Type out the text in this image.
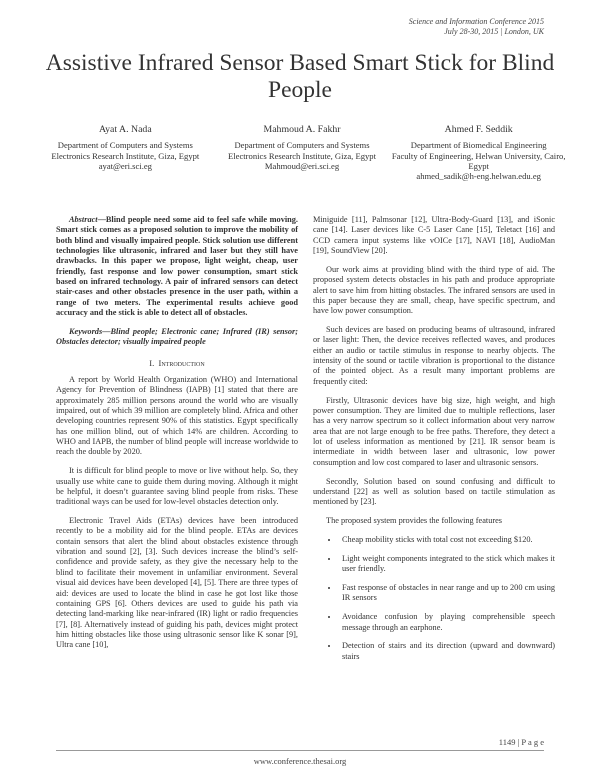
Science and Information Conference 2015
July 28-30, 2015 | London, UK
Assistive Infrared Sensor Based Smart Stick for Blind People
Ayat A. Nada
Department of Computers and Systems
Electronics Research Institute, Giza, Egypt
ayat@eri.sci.eg
Mahmoud A. Fakhr
Department of Computers and Systems
Electronics Research Institute, Giza, Egypt
Mahmoud@eri.sci.eg
Ahmed F. Seddik
Department of Biomedical Engineering
Faculty of Engineering, Helwan University, Cairo, Egypt
ahmed_sadik@h-eng.helwan.edu.eg

Abstract—Blind people need some aid to feel safe while moving. Smart stick comes as a proposed solution to improve the mobility of both blind and visually impaired people. Stick solution use different technologies like ultrasonic, infrared and laser but they still have drawbacks. In this paper we propose, light weight, cheap, user friendly, fast response and low power consumption, smart stick based on infrared technology. A pair of infrared sensors can detect stair-cases and other obstacles presence in the user path, within a range of two meters. The experimental results achieve good accuracy and the stick is able to detect all of obstacles.

Keywords—Blind people; Electronic cane; Infrared (IR) sensor; Obstacles detector; visually impaired people

I. Introduction

A report by World Health Organization (WHO) and International Agency for Prevention of Blindness (IAPB) [1] stated that there are approximately 285 million persons around the world who are visually impaired, out of which 39 million are completely blind. Africa and other developing countries represent 90% of this statistics. Egypt specifically has one million blind, out of which 14% are children. According to WHO and IAPB, the number of blind people will increase worldwide to reach the double by 2020.

It is difficult for blind people to move or live without help. So, they usually use white cane to guide them during moving. Although it might be helpful, it doesn’t guarantee saving blind people from risks. These traditional ways can be used for low-level obstacles detection only.

Electronic Travel Aids (ETAs) devices have been introduced recently to be a mobility aid for the blind people. ETAs are devices contain sensors that alert the blind about obstacles existence through vibration and sound [2], [3]. Such devices increase the blind’s self-confidence and provide safety, as they give the necessary help to the blind to facilitate their movement in unfamiliar environment. Several visual aid devices have been developed [4], [5]. There are three types of aid: devices are used to locate the blind in case he got lost like those containing GPS [6]. Others devices are used to guide his path via detecting land-marking like near-infrared (IR) light or radio frequencies [7], [8]. Alternatively instead of guiding his path, devices might protect him hitting obstacles like those using ultrasonic sensor like K sonar [9], Ultra cane [10],

Miniguide [11], Palmsonar [12], Ultra-Body-Guard [13], and iSonic cane [14]. Laser devices like C-5 Laser Cane [15], Teletact [16] and CCD camera input systems like vOICe [17], NAVI [18], AudioMan [19], SoundView [20].

Our work aims at providing blind with the third type of aid. The proposed system detects obstacles in his path and produce appropriate alert to save him from hitting obstacles. The infrared sensors are used in this paper because they are small, cheap, have specific spectrum, and have low power consumption.

Such devices are based on producing beams of ultrasound, infrared or laser light: Then, the device receives reflected waves, and produces either an audio or tactile stimulus in response to nearby objects. The intensity of the sound or tactile vibration is proportional to the distance of the pointed object. As a result many important problems are frequently cited:

Firstly, Ultrasonic devices have big size, high weight, and high power consumption. They are limited due to multiple reflections, laser has a very narrow spectrum so it collect information about very narrow area that are not large enough to be free paths. Therefore, they detect a lot of useless information as mentioned by [21]. IR sensor beam is intermediate in width between laser and ultrasonic, low power consumption and low cost compared to laser and ultrasonic sensors.

Secondly, Solution based on sound confusing and difficult to understand [22] as well as solution based on tactile stimulation as mentioned by [23].

The proposed system provides the following features

• Cheap mobility sticks with total cost not exceeding $120.
• Light weight components integrated to the stick which makes it user friendly.
• Fast response of obstacles in near range and up to 200 cm using IR sensors
• Avoidance confusion by playing comprehensible speech message through an earphone.
• Detection of stairs and its direction (upward and downward) stairs
1149 | P a g e
www.conference.thesai.org
